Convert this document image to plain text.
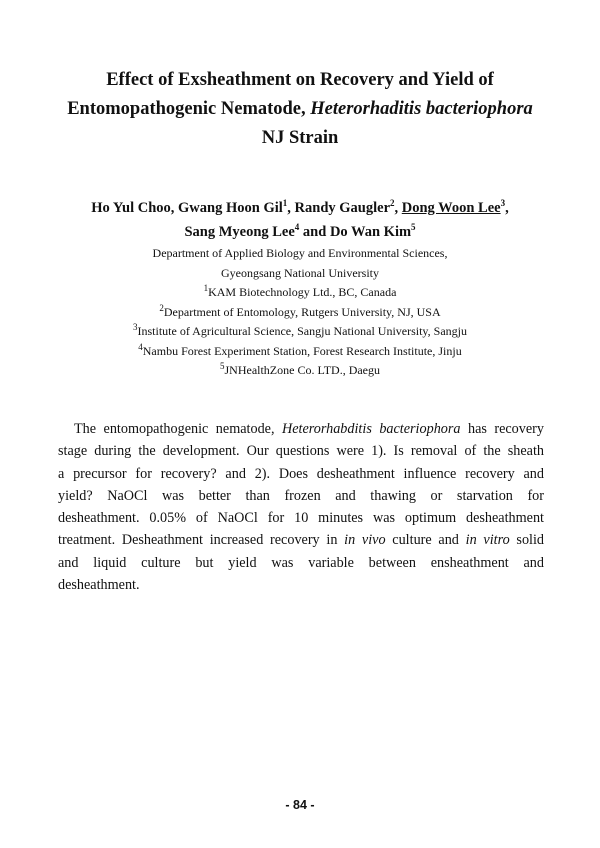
Effect of Exsheathment on Recovery and Yield of
Entomopathogenic Nematode, Heterorhaditis bacteriophora
NJ Strain
Ho Yul Choo, Gwang Hoon Gil$^1$, Randy Gaugler$^2$, Dong Woon Lee$^3$,
Sang Myeong Lee$^4$ and Do Wan Kim$^5$
Department of Applied Biology and Environmental Sciences,
Gyeongsang National University
$^1$KAM Biotechnology Ltd., BC, Canada
$^2$Department of Entomology, Rutgers University, NJ, USA
$^3$Institute of Agricultural Science, Sangju National University, Sangju
$^4$Nambu Forest Experiment Station, Forest Research Institute, Jinju
$^5$JNHealthZone Co. LTD., Daegu
The entomopathogenic nematode, Heterorhabditis bacteriophora has recovery
stage during the development. Our questions were 1). Is removal of the sheath
a precursor for recovery? and 2). Does desheathment influence recovery and
yield? NaOCl was better than frozen and thawing or starvation for
desheathment. 0.05% of NaOCl for 10 minutes was optimum desheathment
treatment. Desheathment increased recovery in in vivo culture and in vitro solid
and liquid culture but yield was variable between ensheathment and
desheathment.
- 84 -
